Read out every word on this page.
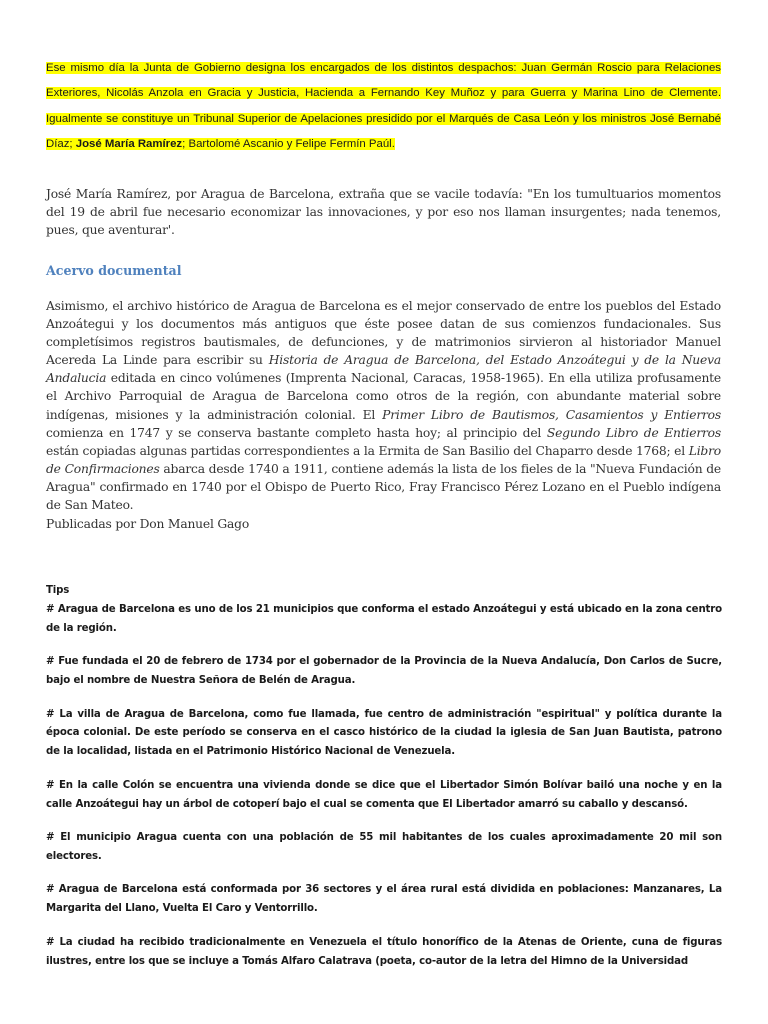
Ese mismo día la Junta de Gobierno designa los encargados de los distintos despachos: Juan Germán Roscio para Relaciones Exteriores, Nicolás Anzola en Gracia y Justicia, Hacienda a Fernando Key Muñoz y para Guerra y Marina Lino de Clemente. Igualmente se constituye un Tribunal Superior de Apelaciones presidido por el Marqués de Casa León y los ministros José Bernabé Díaz; José María Ramírez; Bartolomé Ascanio y Felipe Fermín Paúl.

José María Ramírez, por Aragua de Barcelona, extraña que se vacile todavía: "En los tumultuarios momentos del 19 de abril fue necesario economizar las innovaciones, y por eso nos llaman insurgentes; nada tenemos, pues, que aventurar'.

Acervo documental

Asimismo, el archivo histórico de Aragua de Barcelona es el mejor conservado de entre los pueblos del Estado Anzoátegui y los documentos más antiguos que éste posee datan de sus comienzos fundacionales. Sus completísimos registros bautismales, de defunciones, y de matrimonios sirvieron al historiador Manuel Acereda La Linde para escribir su Historia de Aragua de Barcelona, del Estado Anzoátegui y de la Nueva Andalucia editada en cinco volúmenes (Imprenta Nacional, Caracas, 1958-1965). En ella utiliza profusamente el Archivo Parroquial de Aragua de Barcelona como otros de la región, con abundante material sobre indígenas, misiones y la administración colonial. El Primer Libro de Bautismos, Casamientos y Entierros comienza en 1747 y se conserva bastante completo hasta hoy; al principio del Segundo Libro de Entierros están copiadas algunas partidas correspondientes a la Ermita de San Basilio del Chaparro desde 1768; el Libro de Confirmaciones abarca desde 1740 a 1911, contiene además la lista de los fieles de la "Nueva Fundación de Aragua" confirmado en 1740 por el Obispo de Puerto Rico, Fray Francisco Pérez Lozano en el Pueblo indígena de San Mateo.

Publicadas por Don Manuel Gago

Tips

# Aragua de Barcelona es uno de los 21 municipios que conforma el estado Anzoátegui y está ubicado en la zona centro de la región.

# Fue fundada el 20 de febrero de 1734 por el gobernador de la Provincia de la Nueva Andalucía, Don Carlos de Sucre, bajo el nombre de Nuestra Señora de Belén de Aragua.

# La villa de Aragua de Barcelona, como fue llamada, fue centro de administración "espiritual" y política durante la época colonial. De este período se conserva en el casco histórico de la ciudad la iglesia de San Juan Bautista, patrono de la localidad, listada en el Patrimonio Histórico Nacional de Venezuela.

# En la calle Colón se encuentra una vivienda donde se dice que el Libertador Simón Bolívar bailó una noche y en la calle Anzoátegui hay un árbol de cotoperí bajo el cual se comenta que El Libertador amarró su caballo y descansó.

# El municipio Aragua cuenta con una población de 55 mil habitantes de los cuales aproximadamente 20 mil son electores.

# Aragua de Barcelona está conformada por 36 sectores y el área rural está dividida en poblaciones: Manzanares, La Margarita del Llano, Vuelta El Caro y Ventorrillo.

# La ciudad ha recibido tradicionalmente en Venezuela el título honorífico de la Atenas de Oriente, cuna de figuras ilustres, entre los que se incluye a Tomás Alfaro Calatrava (poeta, co-autor de la letra del Himno de la Universidad
